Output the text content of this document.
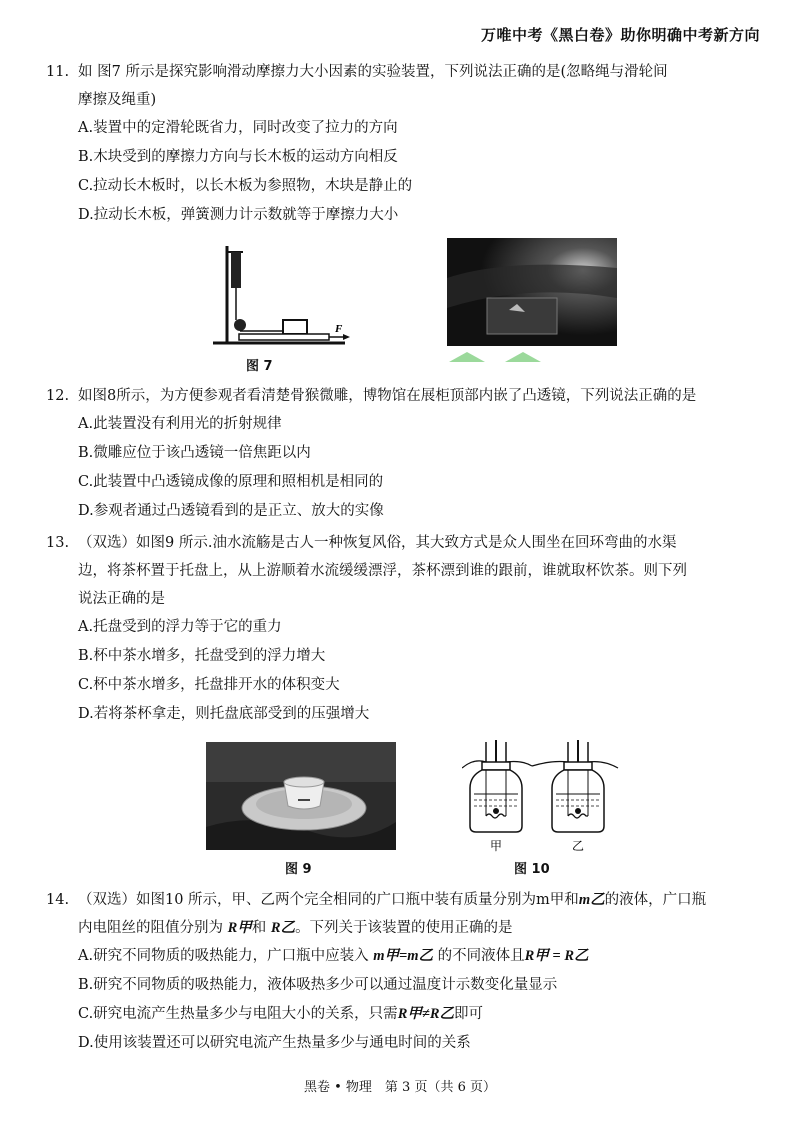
万唯中考《黑白卷》助你明确中考新方向
11. 如 图7 所示是探究影响滑动摩擦力大小因素的实验装置，下列说法正确的是(忽略绳与滑轮间
摩擦及绳重)
A.装置中的定滑轮既省力，同时改变了拉力的方向
B.木块受到的摩擦力方向与长木板的运动方向相反
C.拉动长木板时，以长木板为参照物，木块是静止的
D.拉动长木板，弹簧测力计示数就等于摩擦力大小
F
图 7
12. 如图8所示，为方便参观者看清楚骨猴微雕，博物馆在展柜顶部内嵌了凸透镜，下列说法正确的是
A.此装置没有利用光的折射规律
B.微雕应位于该凸透镜一倍焦距以内
C.此装置中凸透镜成像的原理和照相机是相同的
D.参观者通过凸透镜看到的是正立、放大的实像
13. （双选）如图9 所示.油水流觞是古人一种恢复风俗，其大致方式是众人围坐在回环弯曲的水渠
边，将茶杯置于托盘上，从上游顺着水流缓缓漂浮，茶杯漂到谁的跟前，谁就取杯饮茶。则下列
说法正确的是
A.托盘受到的浮力等于它的重力
B.杯中茶水增多，托盘受到的浮力增大
C.杯中茶水增多，托盘排开水的体积变大
D.若将茶杯拿走，则托盘底部受到的压强增大
图 9
甲	乙
图 10
14. （双选）如图10 所示，甲、乙两个完全相同的广口瓶中装有质量分别为m甲和m乙的液体，广口瓶
内电阻丝的阻值分别为 R甲和 R乙。下列关于该装置的使用正确的是
A.研究不同物质的吸热能力，广口瓶中应装入 m甲=m乙 的不同液体且R甲 = R乙
B.研究不同物质的吸热能力，液体吸热多少可以通过温度计示数变化量显示
C.研究电流产生热量多少与电阻大小的关系，只需R甲≠R乙即可
D.使用该装置还可以研究电流产生热量多少与通电时间的关系
黑卷 • 物理　第 3 页（共 6 页）
